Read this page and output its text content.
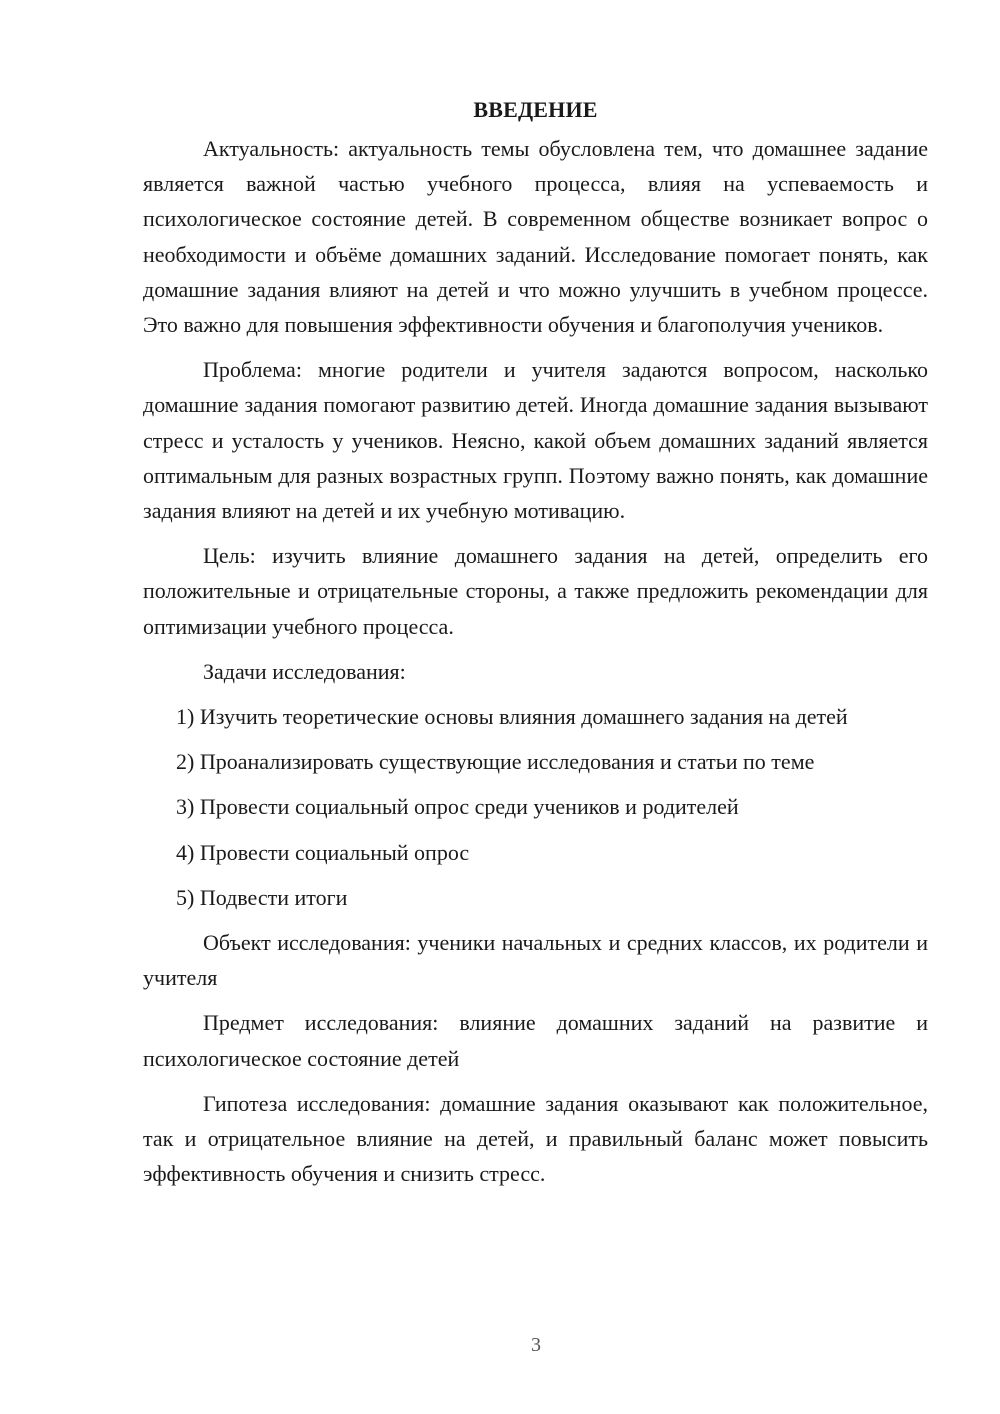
ВВЕДЕНИЕ

Актуальность: актуальность темы обусловлена тем, что домашнее задание является важной частью учебного процесса, влияя на успеваемость и психологическое состояние детей. В современном обществе возникает вопрос о необходимости и объёме домашних заданий. Исследование помогает понять, как домашние задания влияют на детей и что можно улучшить в учебном процессе. Это важно для повышения эффективности обучения и благополучия учеников.

Проблема: многие родители и учителя задаются вопросом, насколько домашние задания помогают развитию детей. Иногда домашние задания вызывают стресс и усталость у учеников. Неясно, какой объем домашних заданий является оптимальным для разных возрастных групп. Поэтому важно понять, как домашние задания влияют на детей и их учебную мотивацию.

Цель: изучить влияние домашнего задания на детей, определить его положительные и отрицательные стороны, а также предложить рекомендации для оптимизации учебного процесса.

Задачи исследования:

1) Изучить теоретические основы влияния домашнего задания на детей

2) Проанализировать существующие исследования и статьи по теме

3) Провести социальный опрос среди учеников и родителей

4) Провести социальный опрос

5) Подвести итоги

Объект исследования: ученики начальных и средних классов, их родители и учителя

Предмет исследования: влияние домашних заданий на развитие и психологическое состояние детей

Гипотеза исследования: домашние задания оказывают как положительное, так и отрицательное влияние на детей, и правильный баланс может повысить эффективность обучения и снизить стресс.

3
